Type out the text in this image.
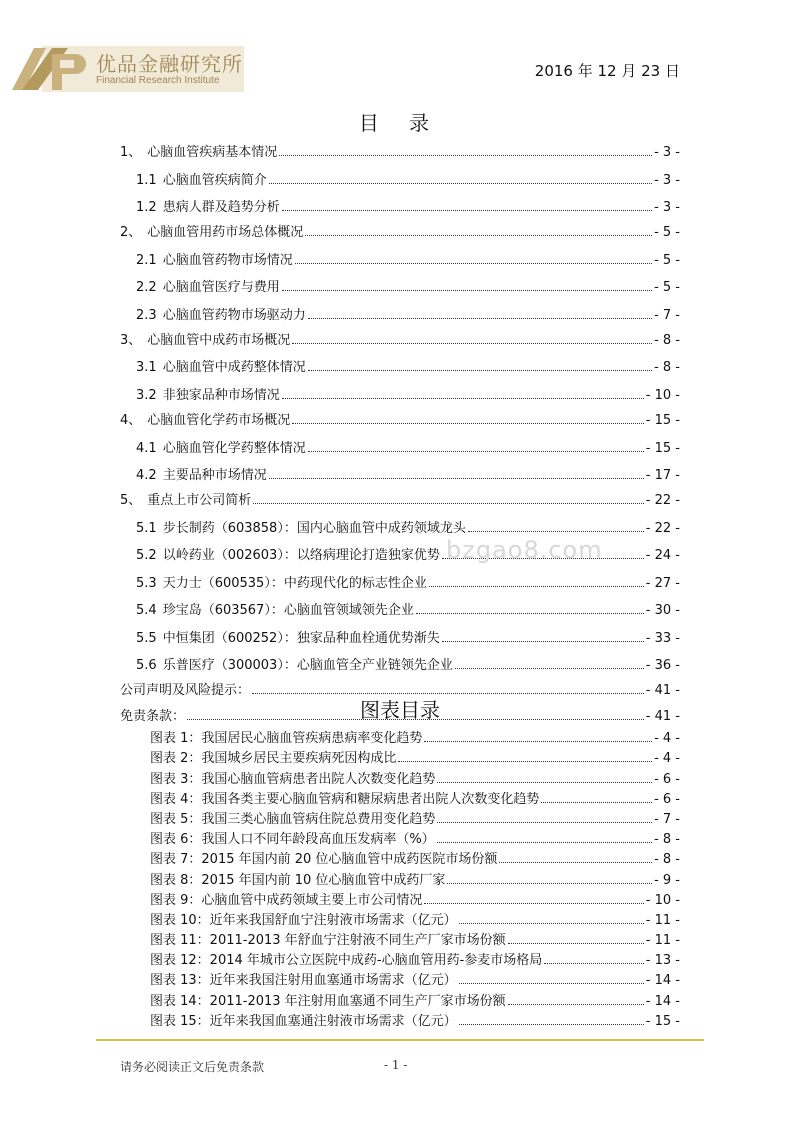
优品金融研究所
Financial Research Institute
2016 年 12 月 23 日
目 录
1、 心脑血管疾病基本情况	- 3 -
1.1 心脑血管疾病简介	- 3 -
1.2 患病人群及趋势分析	- 3 -
2、 心脑血管用药市场总体概况	- 5 -
2.1 心脑血管药物市场情况	- 5 -
2.2 心脑血管医疗与费用	- 5 -
2.3 心脑血管药物市场驱动力	- 7 -
3、 心脑血管中成药市场概况	- 8 -
3.1 心脑血管中成药整体情况	- 8 -
3.2 非独家品种市场情况	- 10 -
4、 心脑血管化学药市场概况	- 15 -
4.1 心脑血管化学药整体情况	- 15 -
4.2 主要品种市场情况	- 17 -
5、 重点上市公司简析	- 22 -
5.1 步长制药（603858）：国内心脑血管中成药领域龙头	- 22 -
5.2 以岭药业（002603）：以络病理论打造独家优势	- 24 -
5.3 天力士（600535）：中药现代化的标志性企业	- 27 -
5.4 珍宝岛（603567）：心脑血管领域领先企业	- 30 -
5.5 中恒集团（600252）：独家品种血栓通优势渐失	- 33 -
5.6 乐普医疗（300003）：心脑血管全产业链领先企业	- 36 -
公司声明及风险提示：	- 41 -
免责条款：	- 41 -
bzgao8.com
图表目录
图表 1：我国居民心脑血管疾病患病率变化趋势	- 4 -
图表 2：我国城乡居民主要疾病死因构成比	- 4 -
图表 3：我国心脑血管病患者出院人次数变化趋势	- 6 -
图表 4：我国各类主要心脑血管病和糖尿病患者出院人次数变化趋势	- 6 -
图表 5：我国三类心脑血管病住院总费用变化趋势	- 7 -
图表 6：我国人口不同年龄段高血压发病率（%）	- 8 -
图表 7：2015 年国内前 20 位心脑血管中成药医院市场份额	- 8 -
图表 8：2015 年国内前 10 位心脑血管中成药厂家	- 9 -
图表 9：心脑血管中成药领域主要上市公司情况	- 10 -
图表 10：近年来我国舒血宁注射液市场需求（亿元）	- 11 -
图表 11：2011-2013 年舒血宁注射液不同生产厂家市场份额	- 11 -
图表 12：2014 年城市公立医院中成药-心脑血管用药-参麦市场格局	- 13 -
图表 13：近年来我国注射用血塞通市场需求（亿元）	- 14 -
图表 14：2011-2013 年注射用血塞通不同生产厂家市场份额	- 14 -
图表 15：近年来我国血塞通注射液市场需求（亿元）	- 15 -
请务必阅读正文后免责条款	- 1 -
